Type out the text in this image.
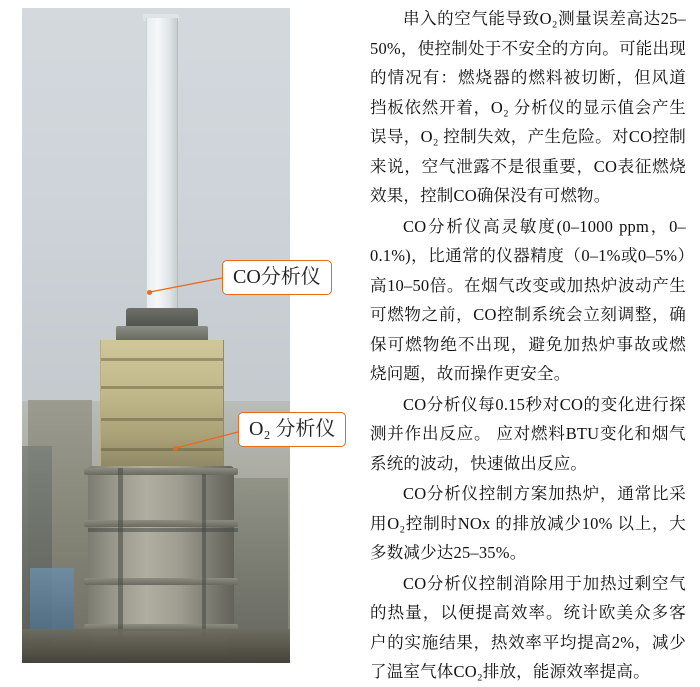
CO分析仪
O₂ 分析仪

串入的空气能导致O₂测量误差高达25–50%，使控制处于不安全的方向。可能出现的情况有：燃烧器的燃料被切断，但风道挡板依然开着，O₂ 分析仪的显示值会产生误导，O₂ 控制失效，产生危险。对CO控制来说，空气泄露不是很重要，CO表征燃烧效果，控制CO确保没有可燃物。

CO分析仪高灵敏度(0–1000 ppm，0–0.1%)，比通常的仪器精度（0–1%或0–5%）高10–50倍。在烟气改变或加热炉波动产生可燃物之前，CO控制系统会立刻调整，确保可燃物绝不出现，避免加热炉事故或燃烧问题，故而操作更安全。

CO分析仪每0.15秒对CO的变化进行探测并作出反应。 应对燃料BTU变化和烟气系统的波动，快速做出反应。

CO分析仪控制方案加热炉，通常比采用O₂控制时NOx 的排放减少10% 以上，大多数减少达25–35%。

CO分析仪控制消除用于加热过剩空气的热量，以便提高效率。统计欧美众多客户的实施结果，热效率平均提高2%，减少了温室气体CO₂排放，能源效率提高。
